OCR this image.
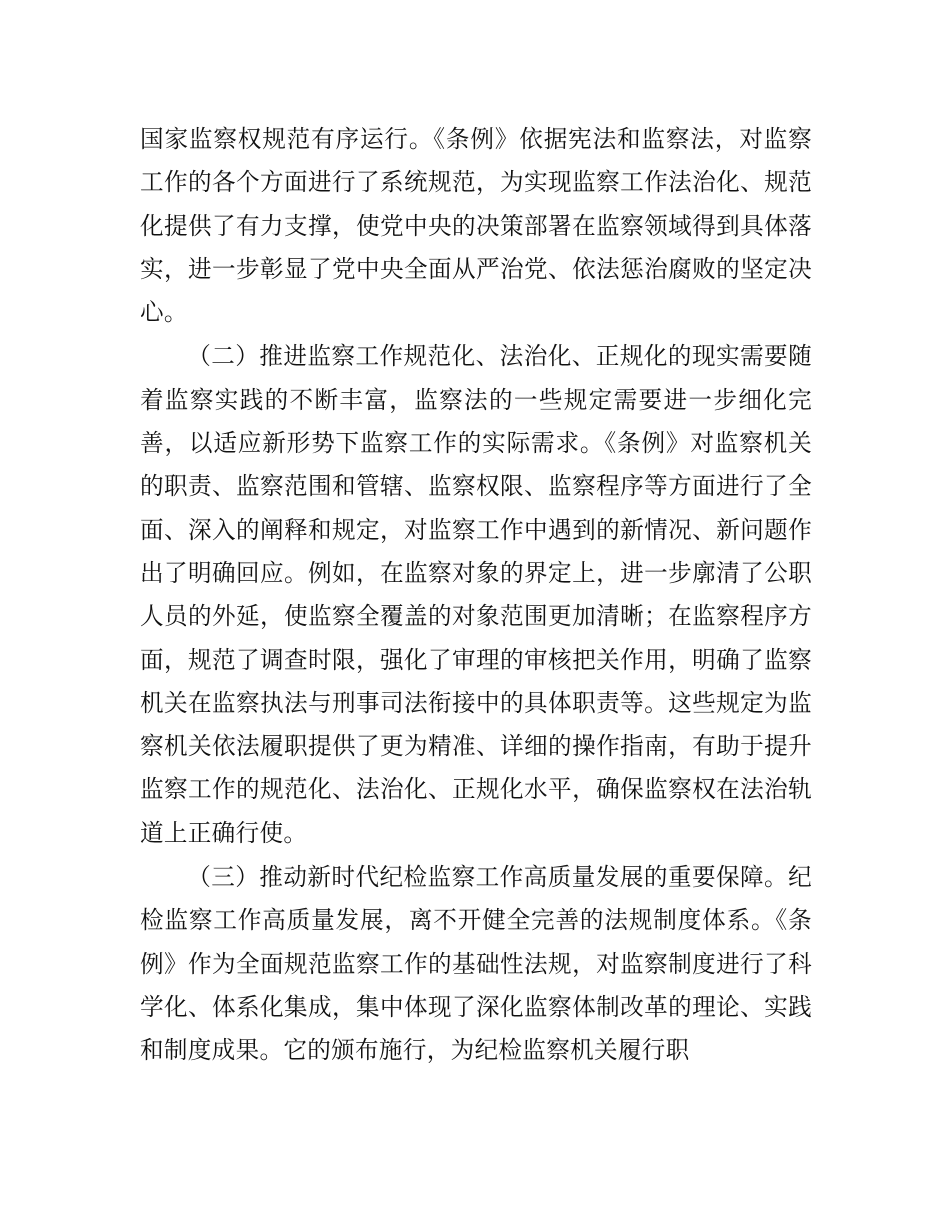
国家监察权规范有序运行。《条例》依据宪法和监察法，对监察工作的各个方面进行了系统规范，为实现监察工作法治化、规范化提供了有力支撑，使党中央的决策部署在监察领域得到具体落实，进一步彰显了党中央全面从严治党、依法惩治腐败的坚定决心。

（二）推进监察工作规范化、法治化、正规化的现实需要随着监察实践的不断丰富，监察法的一些规定需要进一步细化完善，以适应新形势下监察工作的实际需求。《条例》对监察机关的职责、监察范围和管辖、监察权限、监察程序等方面进行了全面、深入的阐释和规定，对监察工作中遇到的新情况、新问题作出了明确回应。例如，在监察对象的界定上，进一步廓清了公职人员的外延，使监察全覆盖的对象范围更加清晰；在监察程序方面，规范了调查时限，强化了审理的审核把关作用，明确了监察机关在监察执法与刑事司法衔接中的具体职责等。这些规定为监察机关依法履职提供了更为精准、详细的操作指南，有助于提升监察工作的规范化、法治化、正规化水平，确保监察权在法治轨道上正确行使。

（三）推动新时代纪检监察工作高质量发展的重要保障。纪检监察工作高质量发展，离不开健全完善的法规制度体系。《条例》作为全面规范监察工作的基础性法规，对监察制度进行了科学化、体系化集成，集中体现了深化监察体制改革的理论、实践和制度成果。它的颁布施行，为纪检监察机关履行职
